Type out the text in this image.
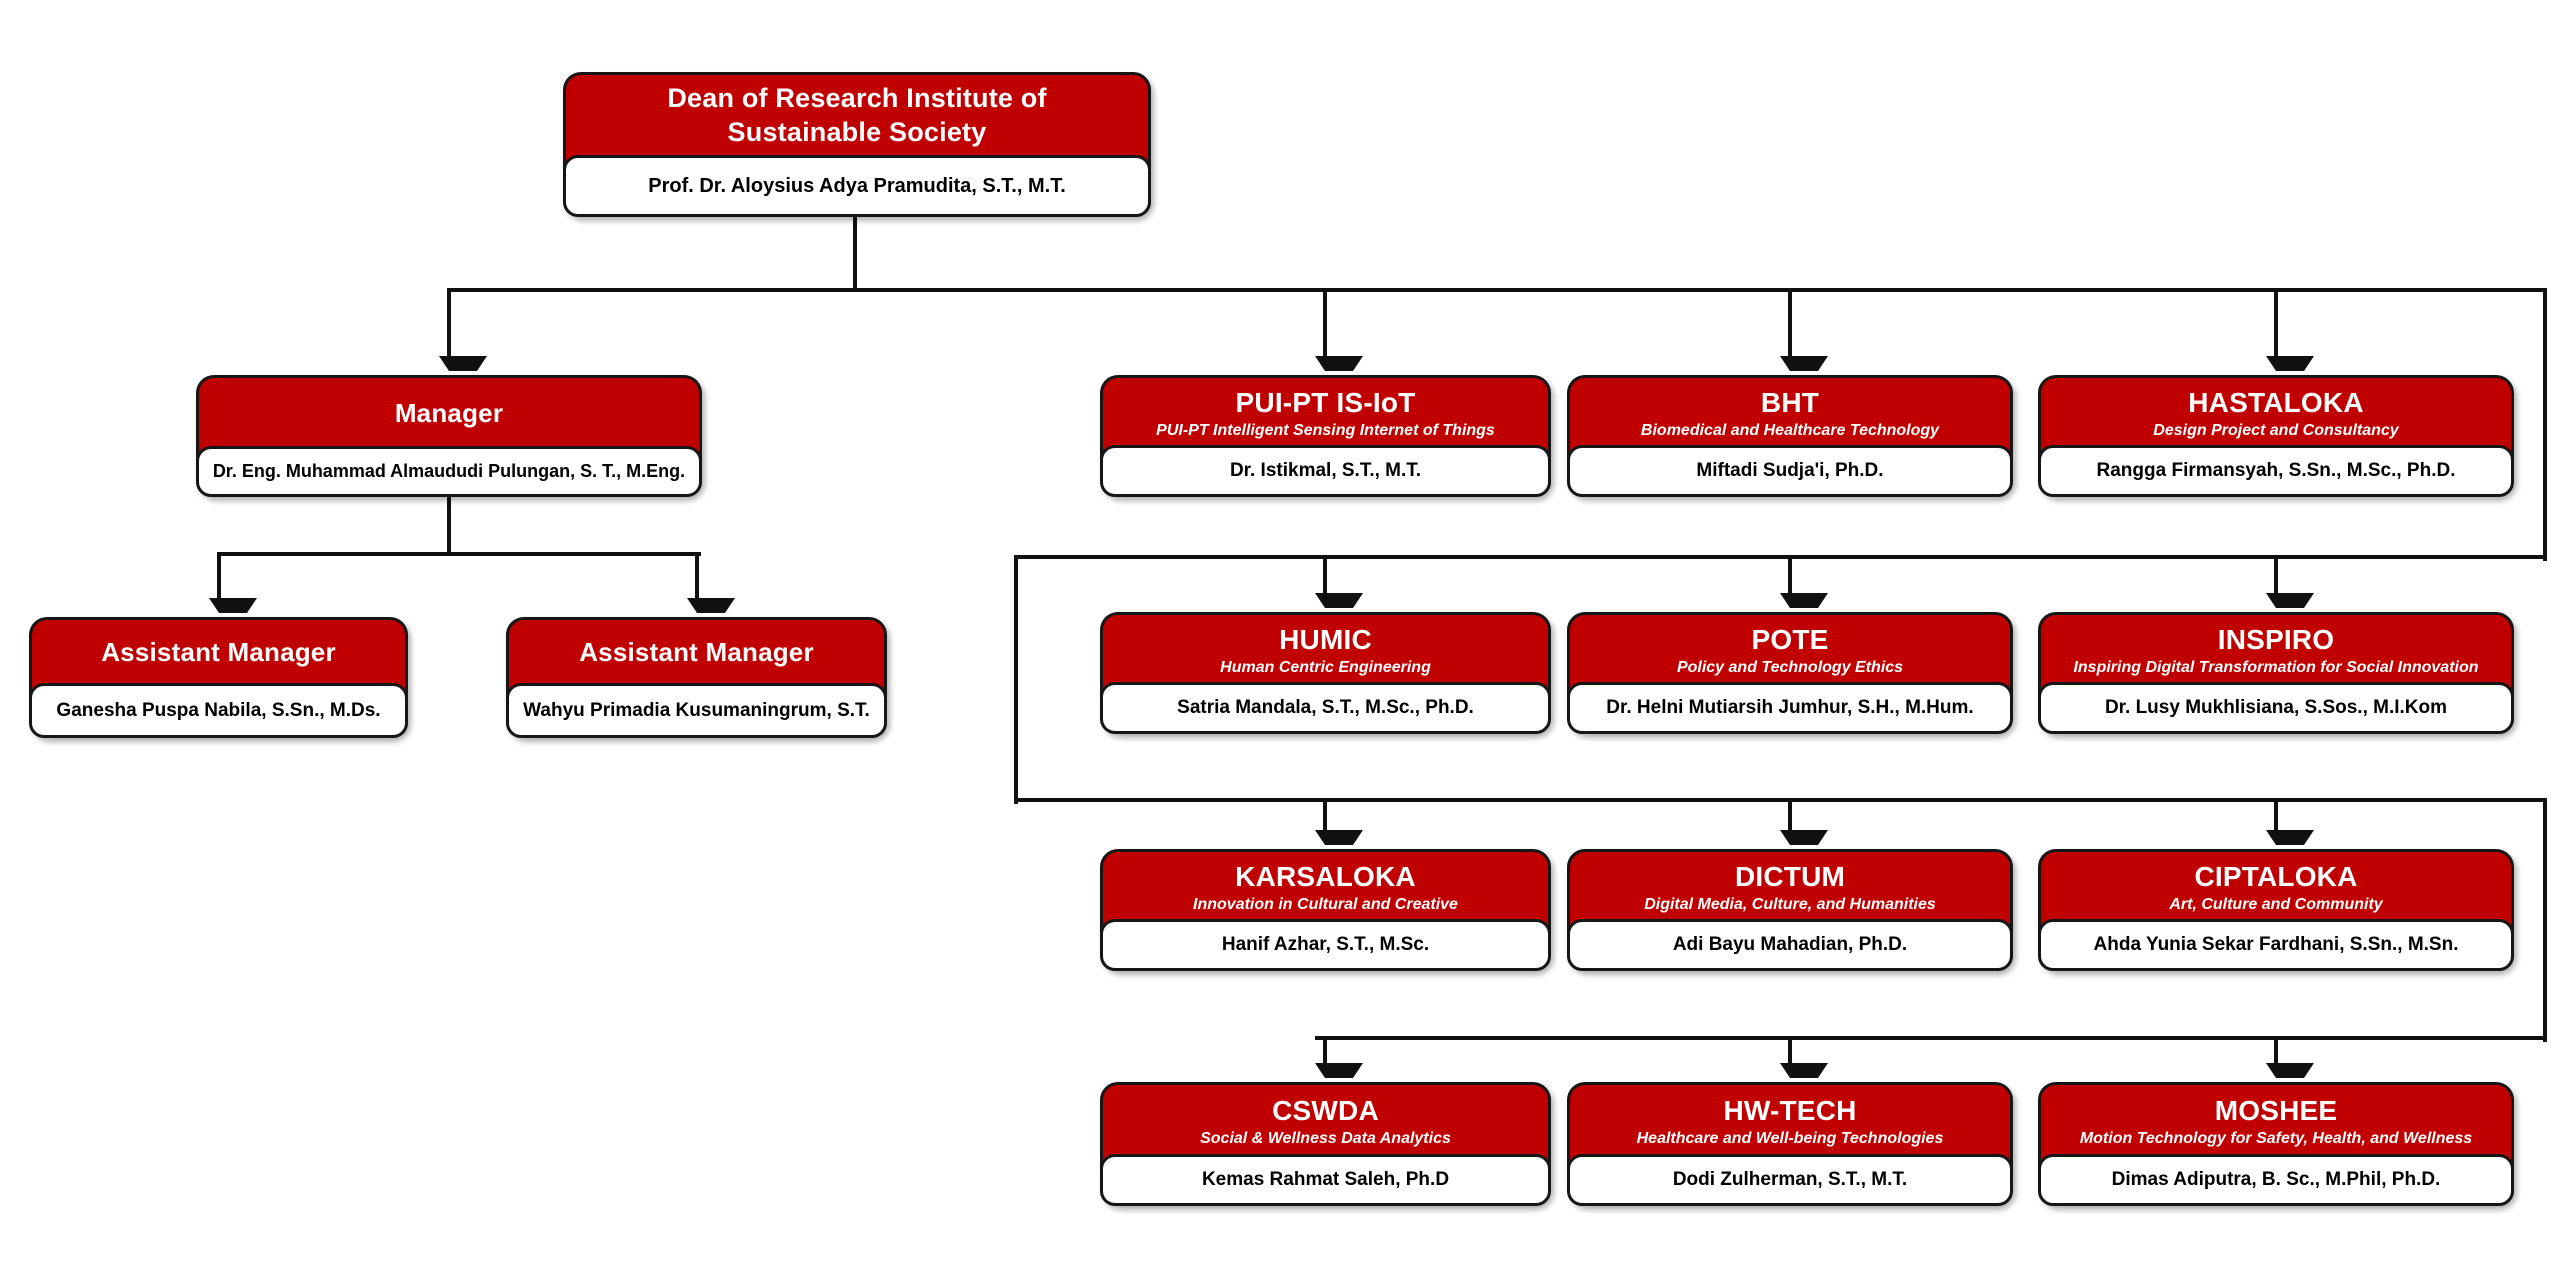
Dean of Research Institute of Sustainable Society
Prof. Dr. Aloysius Adya Pramudita, S.T., M.T.
Manager
Dr. Eng. Muhammad Almaududi Pulungan, S. T., M.Eng.
Assistant Manager
Ganesha Puspa Nabila, S.Sn., M.Ds.
Assistant Manager
Wahyu Primadia Kusumaningrum, S.T.
PUI-PT IS-IoT
PUI-PT Intelligent Sensing Internet of Things
Dr. Istikmal, S.T., M.T.
BHT
Biomedical and Healthcare Technology
Miftadi Sudja'i, Ph.D.
HASTALOKA
Design Project and Consultancy
Rangga Firmansyah, S.Sn., M.Sc., Ph.D.
HUMIC
Human Centric Engineering
Satria Mandala, S.T., M.Sc., Ph.D.
POTE
Policy and Technology Ethics
Dr. Helni Mutiarsih Jumhur, S.H., M.Hum.
INSPIRO
Inspiring Digital Transformation for Social Innovation
Dr. Lusy Mukhlisiana, S.Sos., M.I.Kom
KARSALOKA
Innovation in Cultural and Creative
Hanif Azhar, S.T., M.Sc.
DICTUM
Digital Media, Culture, and Humanities
Adi Bayu Mahadian, Ph.D.
CIPTALOKA
Art, Culture and Community
Ahda Yunia Sekar Fardhani, S.Sn., M.Sn.
CSWDA
Social & Wellness Data Analytics
Kemas Rahmat Saleh, Ph.D
HW-TECH
Healthcare and Well-being Technologies
Dodi Zulherman, S.T., M.T.
MOSHEE
Motion Technology for Safety, Health, and Wellness
Dimas Adiputra, B. Sc., M.Phil, Ph.D.
